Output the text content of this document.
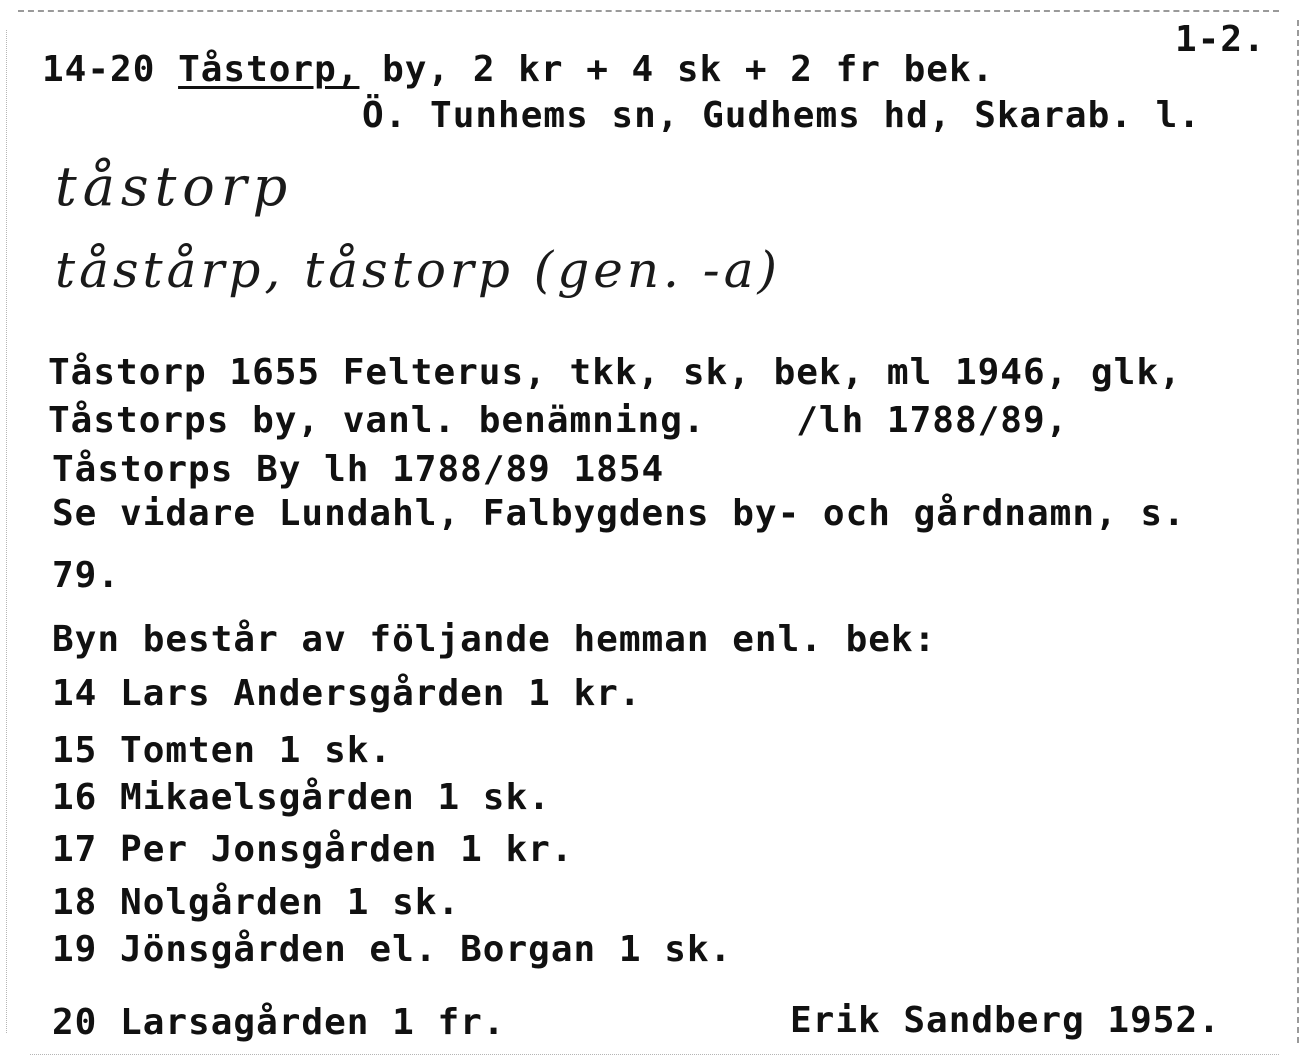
1-2.
14-20 Tåstorp, by, 2 kr + 4 sk + 2 fr bek.
Ö. Tunhems sn, Gudhems hd, Skarab. l.
tåstorp
tåstårp, tåstorp (gen. -a)
Tåstorp 1655 Felterus, tkk, sk, bek, ml 1946, glk,
Tåstorps by, vanl. benämning.    /lh 1788/89,
Tåstorps By lh 1788/89 1854
Se vidare Lundahl, Falbygdens by- och gårdnamn, s.
79.
Byn består av följande hemman enl. bek:
14 Lars Andersgården 1 kr.
15 Tomten 1 sk.
16 Mikaelsgården 1 sk.
17 Per Jonsgården 1 kr.
18 Nolgården 1 sk.
19 Jönsgården el. Borgan 1 sk.
20 Larsagården 1 fr.	Erik Sandberg 1952.
